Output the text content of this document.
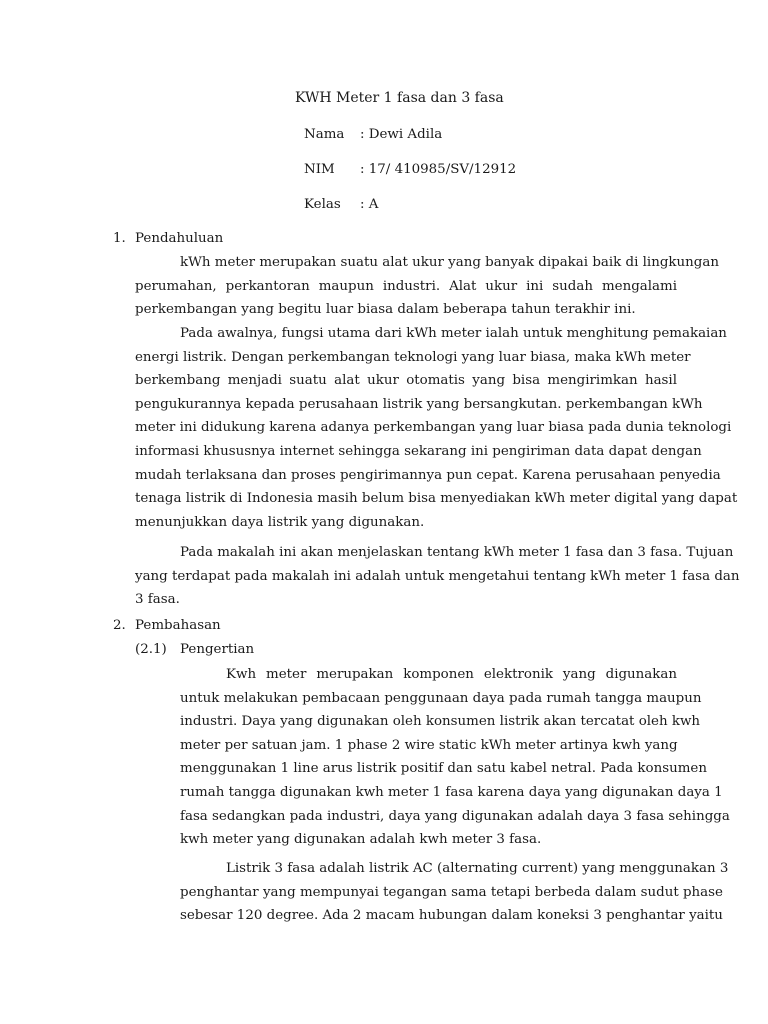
KWH Meter 1 fasa dan 3 fasa
Nama : Dewi Adila
NIM : 17/ 410985/SV/12912
Kelas : A
1. Pendahuluan
kWh meter merupakan suatu alat ukur yang banyak dipakai baik di lingkungan
perumahan, perkantoran maupun industri. Alat ukur ini sudah mengalami
perkembangan yang begitu luar biasa dalam beberapa tahun terakhir ini.
Pada awalnya, fungsi utama dari kWh meter ialah untuk menghitung pemakaian
energi listrik. Dengan perkembangan teknologi yang luar biasa, maka kWh meter
berkembang menjadi suatu alat ukur otomatis yang bisa mengirimkan hasil
pengukurannya kepada perusahaan listrik yang bersangkutan. perkembangan kWh
meter ini didukung karena adanya perkembangan yang luar biasa pada dunia teknologi
informasi khususnya internet sehingga sekarang ini pengiriman data dapat dengan
mudah terlaksana dan proses pengirimannya pun cepat. Karena perusahaan penyedia
tenaga listrik di Indonesia masih belum bisa menyediakan kWh meter digital yang dapat
menunjukkan daya listrik yang digunakan.
Pada makalah ini akan menjelaskan tentang kWh meter 1 fasa dan 3 fasa. Tujuan
yang terdapat pada makalah ini adalah untuk mengetahui tentang kWh meter 1 fasa dan
3 fasa.
2. Pembahasan
(2.1) Pengertian
Kwh meter merupakan komponen elektronik yang digunakan
untuk melakukan pembacaan penggunaan daya pada rumah tangga maupun
industri. Daya yang digunakan oleh konsumen listrik akan tercatat oleh kwh
meter per satuan jam. 1 phase 2 wire static kWh meter artinya kwh yang
menggunakan 1 line arus listrik positif dan satu kabel netral. Pada konsumen
rumah tangga digunakan kwh meter 1 fasa karena daya yang digunakan daya 1
fasa sedangkan pada industri, daya yang digunakan adalah daya 3 fasa sehingga
kwh meter yang digunakan adalah kwh meter 3 fasa.
Listrik 3 fasa adalah listrik AC (alternating current) yang menggunakan 3
penghantar yang mempunyai tegangan sama tetapi berbeda dalam sudut phase
sebesar 120 degree. Ada 2 macam hubungan dalam koneksi 3 penghantar yaitu
